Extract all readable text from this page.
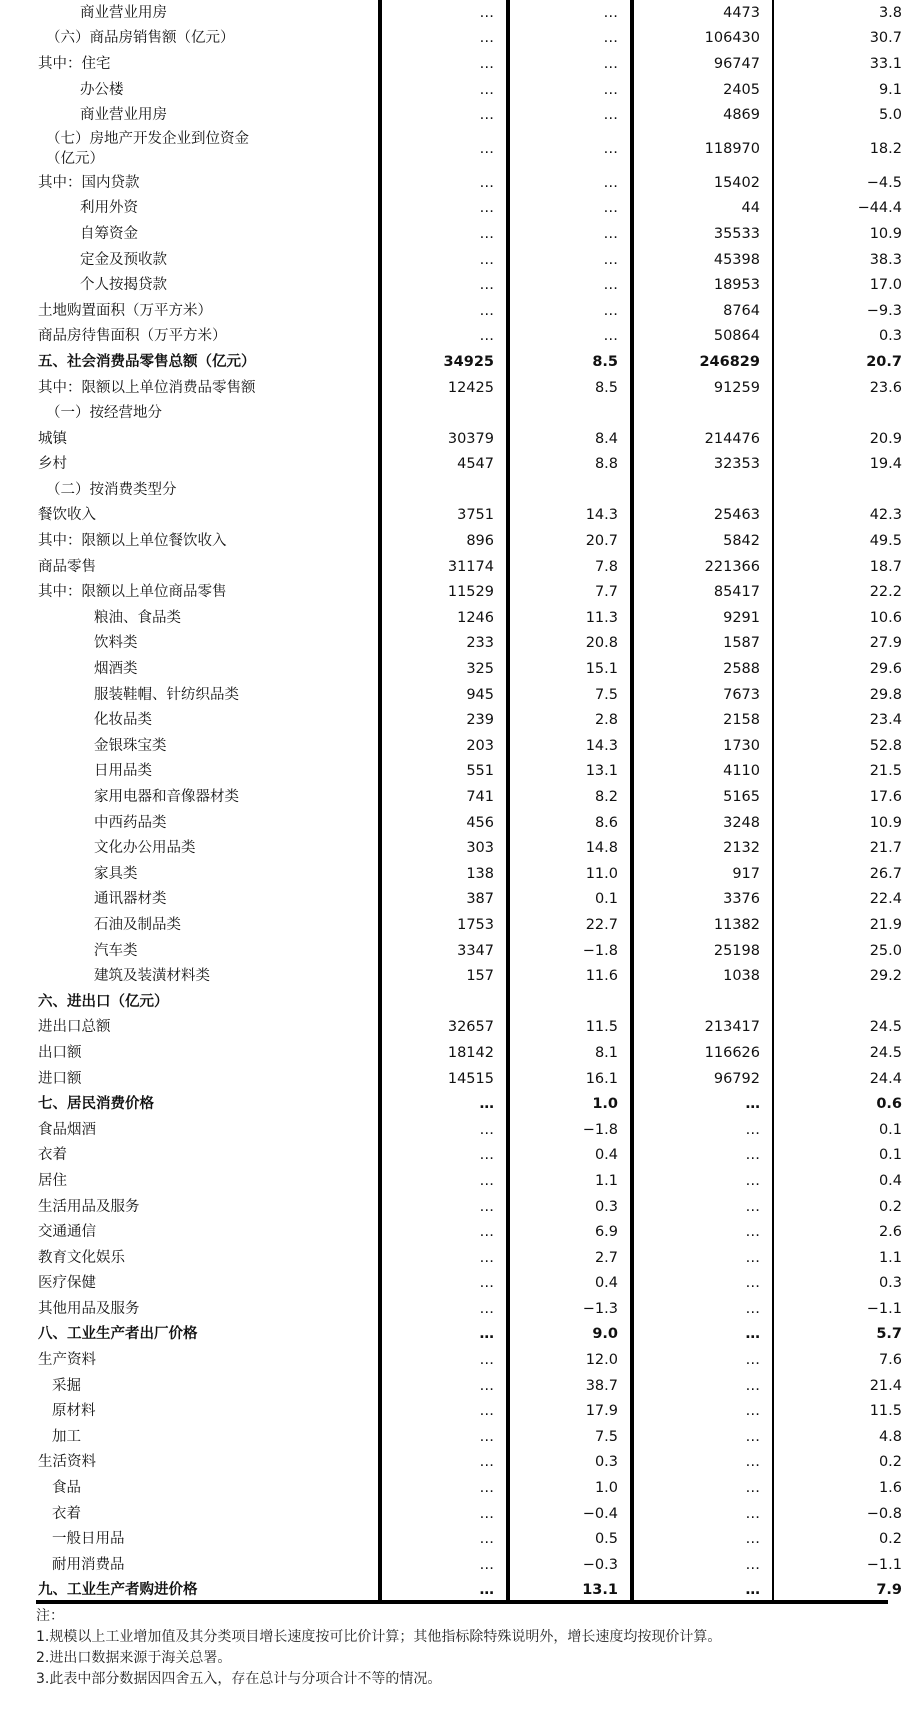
商业营业用房	…	…	4473	3.8
（六）商品房销售额（亿元）	…	…	106430	30.7
其中：住宅	…	…	96747	33.1
办公楼	…	…	2405	9.1
商业营业用房	…	…	4869	5.0
（七）房地产开发企业到位资金（亿元）	…	…	118970	18.2
其中：国内贷款	…	…	15402	−4.5
利用外资	…	…	44	−44.4
自筹资金	…	…	35533	10.9
定金及预收款	…	…	45398	38.3
个人按揭贷款	…	…	18953	17.0
土地购置面积（万平方米）	…	…	8764	−9.3
商品房待售面积（万平方米）	…	…	50864	0.3
五、社会消费品零售总额（亿元）	34925	8.5	246829	20.7
其中：限额以上单位消费品零售额	12425	8.5	91259	23.6
（一）按经营地分				
城镇	30379	8.4	214476	20.9
乡村	4547	8.8	32353	19.4
（二）按消费类型分				
餐饮收入	3751	14.3	25463	42.3
其中：限额以上单位餐饮收入	896	20.7	5842	49.5
商品零售	31174	7.8	221366	18.7
其中：限额以上单位商品零售	11529	7.7	85417	22.2
粮油、食品类	1246	11.3	9291	10.6
饮料类	233	20.8	1587	27.9
烟酒类	325	15.1	2588	29.6
服装鞋帽、针纺织品类	945	7.5	7673	29.8
化妆品类	239	2.8	2158	23.4
金银珠宝类	203	14.3	1730	52.8
日用品类	551	13.1	4110	21.5
家用电器和音像器材类	741	8.2	5165	17.6
中西药品类	456	8.6	3248	10.9
文化办公用品类	303	14.8	2132	21.7
家具类	138	11.0	917	26.7
通讯器材类	387	0.1	3376	22.4
石油及制品类	1753	22.7	11382	21.9
汽车类	3347	−1.8	25198	25.0
建筑及装潢材料类	157	11.6	1038	29.2
六、进出口（亿元）				
进出口总额	32657	11.5	213417	24.5
出口额	18142	8.1	116626	24.5
进口额	14515	16.1	96792	24.4
七、居民消费价格	…	1.0	…	0.6
食品烟酒	…	−1.8	…	0.1
衣着	…	0.4	…	0.1
居住	…	1.1	…	0.4
生活用品及服务	…	0.3	…	0.2
交通通信	…	6.9	…	2.6
教育文化娱乐	…	2.7	…	1.1
医疗保健	…	0.4	…	0.3
其他用品及服务	…	−1.3	…	−1.1
八、工业生产者出厂价格	…	9.0	…	5.7
生产资料	…	12.0	…	7.6
采掘	…	38.7	…	21.4
原材料	…	17.9	…	11.5
加工	…	7.5	…	4.8
生活资料	…	0.3	…	0.2
食品	…	1.0	…	1.6
衣着	…	−0.4	…	−0.8
一般日用品	…	0.5	…	0.2
耐用消费品	…	−0.3	…	−1.1
九、工业生产者购进价格	…	13.1	…	7.9
注：
1.规模以上工业增加值及其分类项目增长速度按可比价计算；其他指标除特殊说明外，增长速度均按现价计算。
2.进出口数据来源于海关总署。
3.此表中部分数据因四舍五入，存在总计与分项合计不等的情况。
